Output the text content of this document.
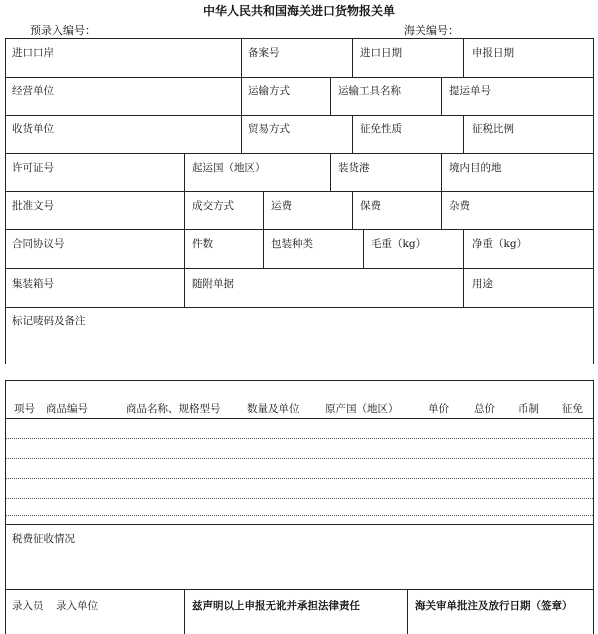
中华人民共和国海关进口货物报关单
预录入编号：	海关编号：
进口口岸	备案号	进口日期	申报日期
经营单位	运输方式	运输工具名称	提运单号
收货单位	贸易方式	征免性质	征税比例
许可证号	起运国（地区）	装货港	境内目的地
批准文号	成交方式	运费	保费	杂费
合同协议号	件数	包装种类	毛重（kg）	净重（kg）
集装箱号	随附单据	用途
标记唛码及备注
项号 商品编号	商品名称、规格型号	数量及单位 原产国（地区）	单价 总价 币制 征免
税费征收情况
录入员 录入单位	兹声明以上申报无讹并承担法律责任	海关审单批注及放行日期（签章）
